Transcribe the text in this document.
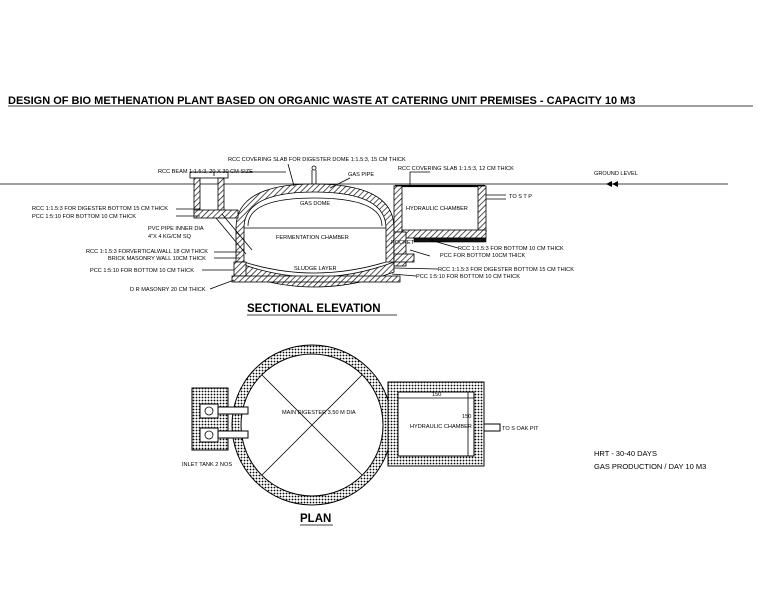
DESIGN OF BIO METHENATION PLANT BASED ON ORGANIC WASTE AT CATERING UNIT PREMISES - CAPACITY 10 M3
RCC COVERING SLAB FOR DIGESTER DOME 1:1.5:3, 15 CM THICK
RCC BEAM 1:1.5:3, 20 X 30 CM SIZE	GAS PIPE
RCC COVERING SLAB 1:1.5:3, 12 CM THICK
GROUND LEVEL
TO S T P
GAS DOME
HYDRAULIC CHAMBER
RCC 1:1.5:3 FOR DIGESTER BOTTOM 15 CM THICK
PCC 1:5:10 FOR BOTTOM 10 CM THICK
PVC PIPE INNER DIA
4"X 4 KG/CM SQ	FERMENTATION CHAMBER
POCKET
RCC 1:1.5:3 FORVERTICALWALL 18 CM THICK
BRICK MASONRY WALL 10CM THICK
RCC 1:1.5:3 FOR BOTTOM 10 CM THICK
PCC FOR BOTTOM 10CM THICK
PCC 1:5:10 FOR BOTTOM 10 CM THICK	SLUDGE LAYER	RCC 1:1.5:3 FOR DIGESTER BOTTOM 15 CM THICK
PCC 1:5:10 FOR BOTTOM 10 CM THICK
D R MASONRY 20 CM THICK
SECTIONAL ELEVATION
150
150
MAIN DIGESTER 3.50 M DIA
HYDRAULIC CHAMBER	TO S OAK PIT
INLET TANK 2 NOS
PLAN
HRT - 30-40 DAYS
GAS PRODUCTION / DAY 10 M3
